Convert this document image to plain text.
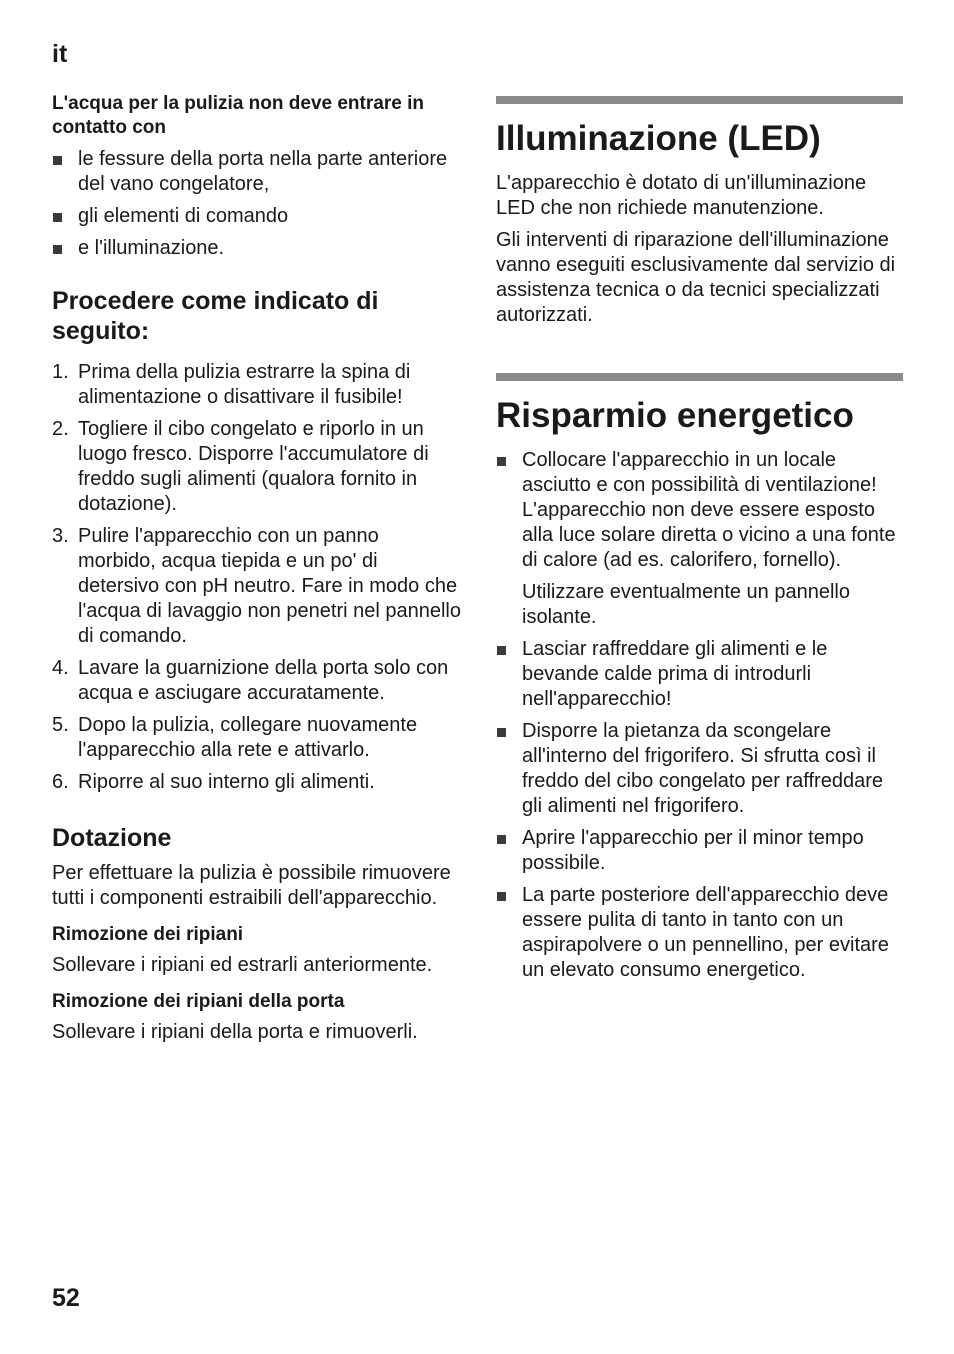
it

L'acqua per la pulizia non deve entrare in contatto con

le fessure della porta nella parte anteriore del vano congelatore,
gli elementi di comando
e l'illuminazione.
Procedere come indicato di seguito:
1. Prima della pulizia estrarre la spina di alimentazione o disattivare il fusibile!
2. Togliere il cibo congelato e riporlo in un luogo fresco. Disporre l'accumulatore di freddo sugli alimenti (qualora fornito in dotazione).
3. Pulire l'apparecchio con un panno morbido, acqua tiepida e un po' di detersivo con pH neutro. Fare in modo che l'acqua di lavaggio non penetri nel pannello di comando.
4. Lavare la guarnizione della porta solo con acqua e asciugare accuratamente.
5. Dopo la pulizia, collegare nuovamente l'apparecchio alla rete e attivarlo.
6. Riporre al suo interno gli alimenti.
Dotazione

Per effettuare la pulizia è possibile rimuovere tutti i componenti estraibili dell'apparecchio.

Rimozione dei ripiani

Sollevare i ripiani ed estrarli anteriormente.

Rimozione dei ripiani della porta

Sollevare i ripiani della porta e rimuoverli.

Illuminazione (LED)

L'apparecchio è dotato di un'illuminazione LED che non richiede manutenzione.

Gli interventi di riparazione dell'illuminazione vanno eseguiti esclusivamente dal servizio di assistenza tecnica o da tecnici specializzati autorizzati.

Risparmio energetico
Collocare l'apparecchio in un locale asciutto e con possibilità di ventilazione! L'apparecchio non deve essere esposto alla luce solare diretta o vicino a una fonte di calore (ad es. calorifero, fornello).

Utilizzare eventualmente un pannello isolante.

Lasciar raffreddare gli alimenti e le bevande calde prima di introdurli nell'apparecchio!
Disporre la pietanza da scongelare all'interno del frigorifero. Si sfrutta così il freddo del cibo congelato per raffreddare gli alimenti nel frigorifero.
Aprire l'apparecchio per il minor tempo possibile.
La parte posteriore dell'apparecchio deve essere pulita di tanto in tanto con un aspirapolvere o un pennellino, per evitare un elevato consumo energetico.
52
